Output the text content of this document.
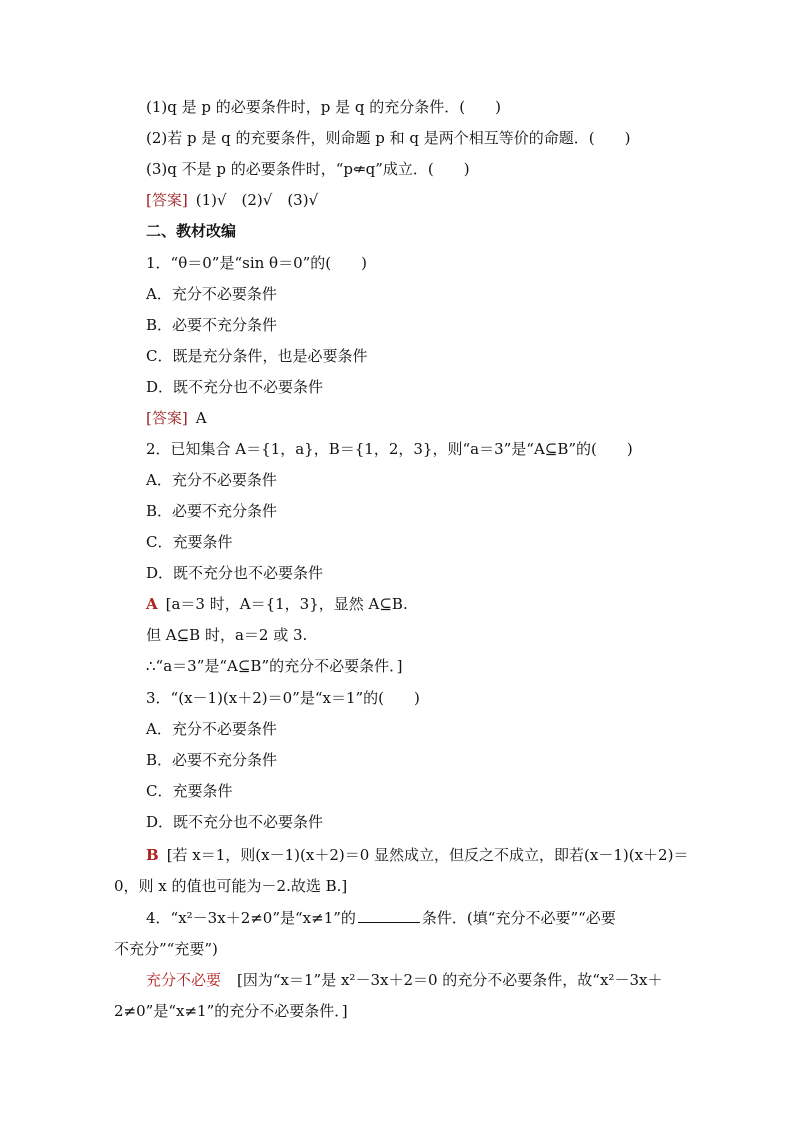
(1)q 是 p 的必要条件时，p 是 q 的充分条件．(　　)
(2)若 p 是 q 的充要条件，则命题 p 和 q 是两个相互等价的命题．(　　)
(3)q 不是 p 的必要条件时，“p⇍q”成立．(　　)
[答案] (1)√　(2)√　(3)√
二、教材改编
1．“θ＝0”是“sin θ＝0”的(　　)
A．充分不必要条件
B．必要不充分条件
C．既是充分条件，也是必要条件
D．既不充分也不必要条件
[答案] A
2．已知集合 A＝{1，a}，B＝{1，2，3}，则“a＝3”是“A⊆B”的(　　)
A．充分不必要条件
B．必要不充分条件
C．充要条件
D．既不充分也不必要条件
A [a＝3 时，A＝{1，3}，显然 A⊆B.
但 A⊆B 时，a＝2 或 3.
∴“a＝3”是“A⊆B”的充分不必要条件．]
3．“(x－1)(x＋2)＝0”是“x＝1”的(　　)
A．充分不必要条件
B．必要不充分条件
C．充要条件
D．既不充分也不必要条件
B [若 x＝1，则(x－1)(x＋2)＝0 显然成立，但反之不成立，即若(x－1)(x＋2)＝
0，则 x 的值也可能为－2.故选 B.]
4．“x²－3x＋2≠0”是“x≠1”的	条件．(填“充分不必要”“必要
不充分”“充要”)
充分不必要 [因为“x＝1”是 x²－3x＋2＝0 的充分不必要条件，故“x²－3x＋
2≠0”是“x≠1”的充分不必要条件．]
